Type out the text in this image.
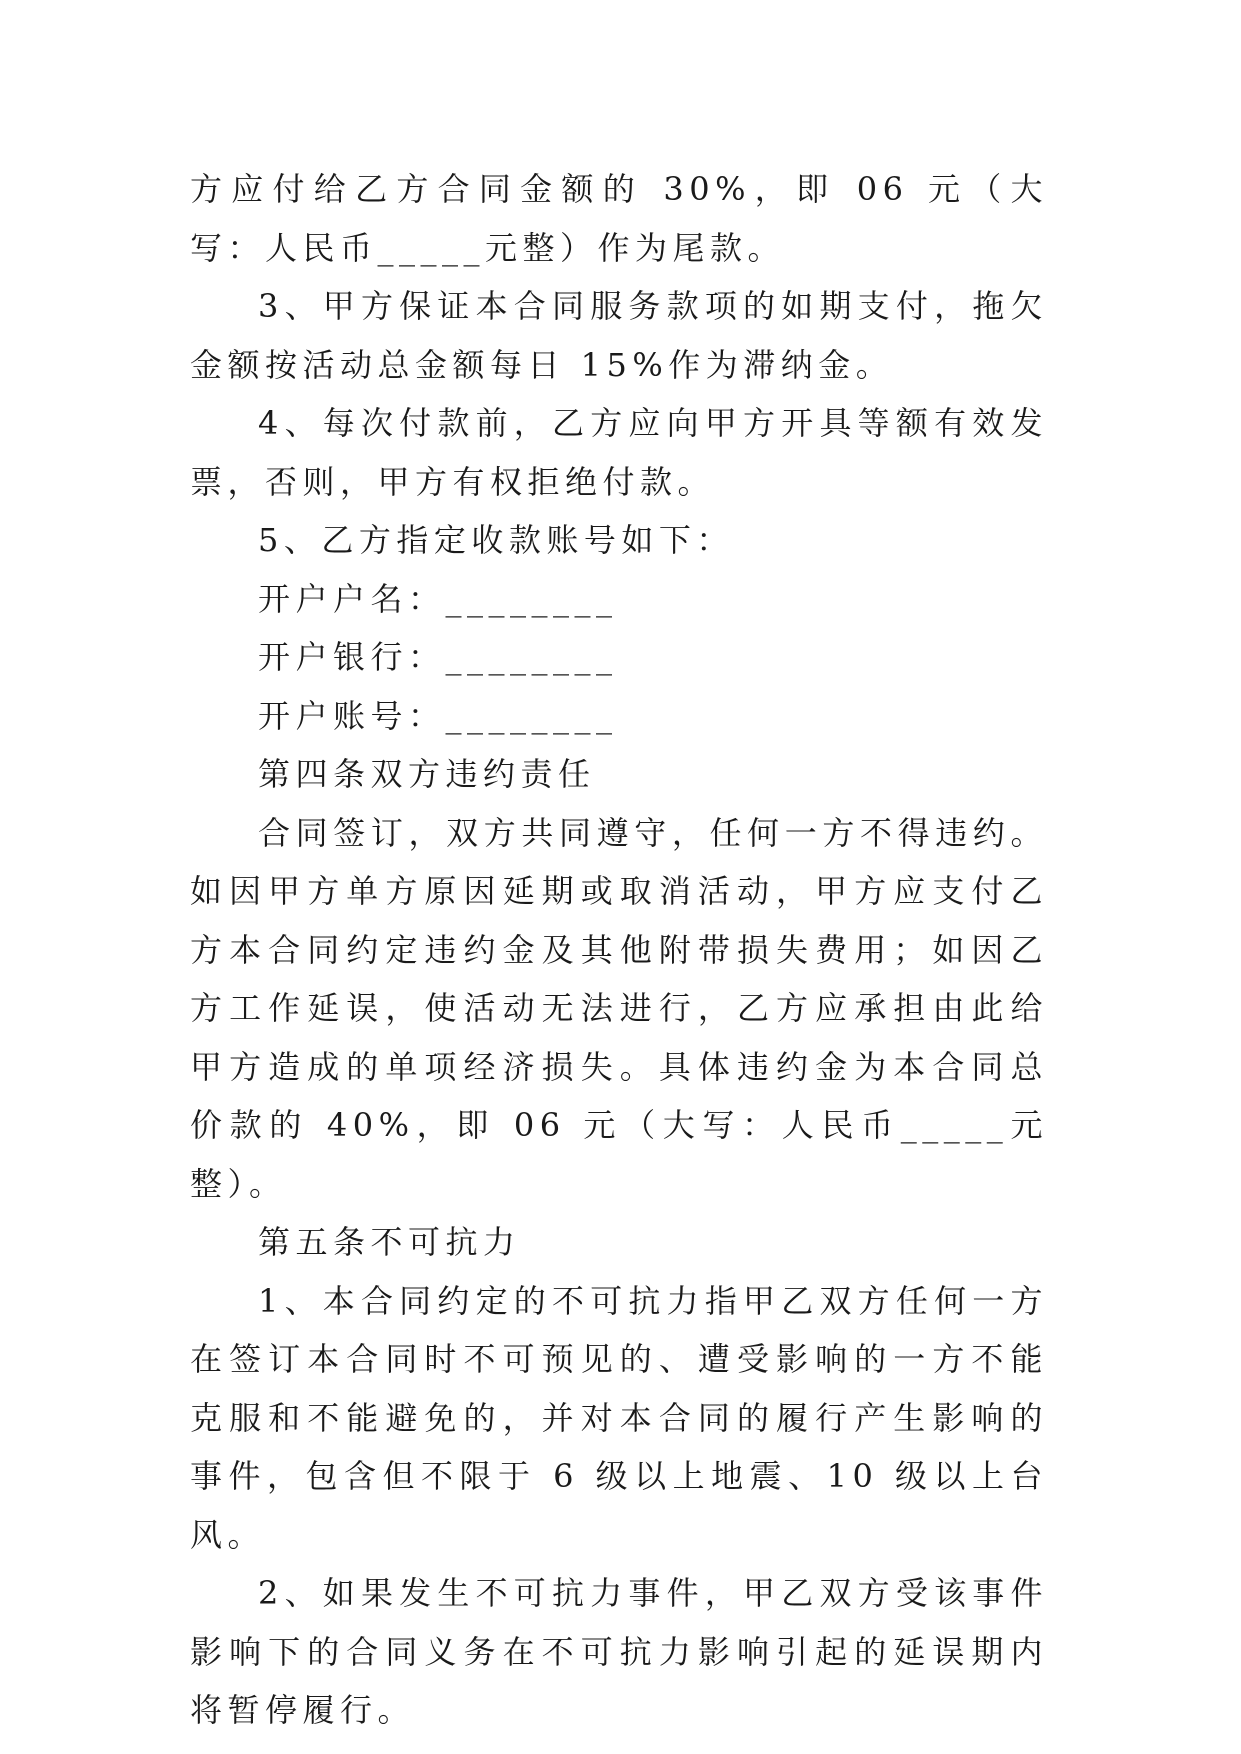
方应付给乙方合同金额的 30%，即 06 元（大写：人民币_____元整）作为尾款。

3、甲方保证本合同服务款项的如期支付，拖欠金额按活动总金额每日 15%作为滞纳金。

4、每次付款前，乙方应向甲方开具等额有效发票，否则，甲方有权拒绝付款。

5、乙方指定收款账号如下：

开户户名：________

开户银行：________

开户账号：________

第四条双方违约责任

合同签订，双方共同遵守，任何一方不得违约。如因甲方单方原因延期或取消活动，甲方应支付乙方本合同约定违约金及其他附带损失费用；如因乙方工作延误，使活动无法进行，乙方应承担由此给甲方造成的单项经济损失。具体违约金为本合同总价款的 40%，即 06 元（大写：人民币_____元整）。

第五条不可抗力

1、本合同约定的不可抗力指甲乙双方任何一方在签订本合同时不可预见的、遭受影响的一方不能克服和不能避免的，并对本合同的履行产生影响的事件，包含但不限于 6 级以上地震、10 级以上台风。

2、如果发生不可抗力事件，甲乙双方受该事件影响下的合同义务在不可抗力影响引起的延误期内将暂停履行。
